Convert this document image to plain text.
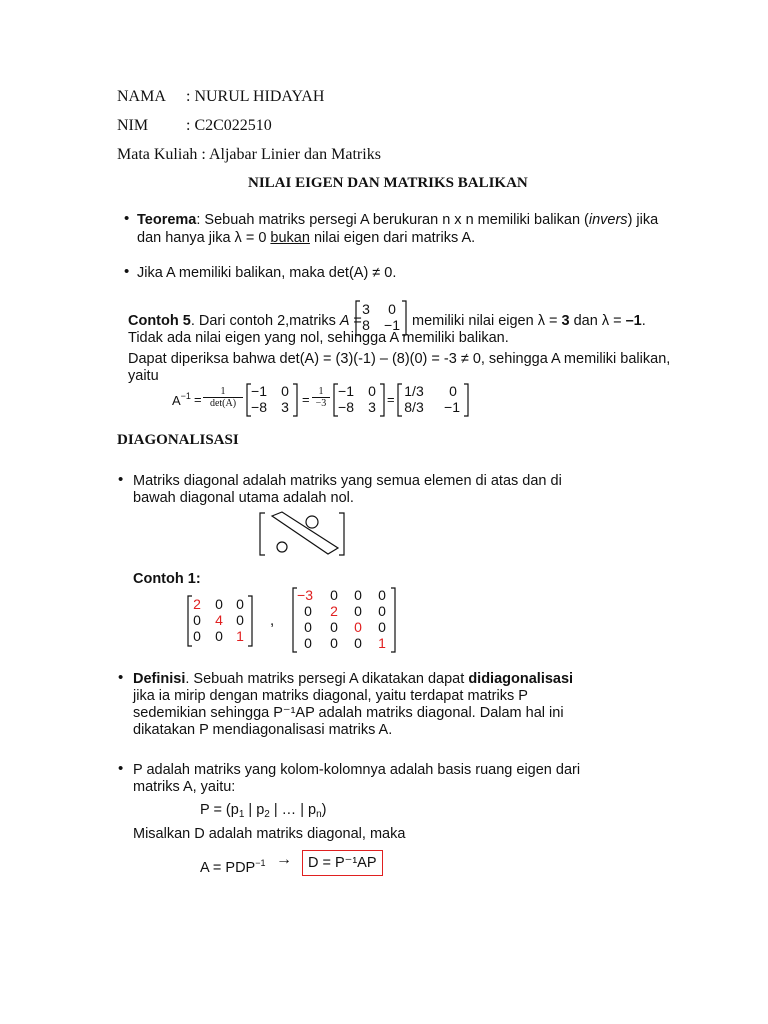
NAMA : NURUL HIDAYAH
NIM : C2C022510
Mata Kuliah : Aljabar Linier dan Matriks
NILAI EIGEN DAN MATRIKS BALIKAN
• Teorema: Sebuah matriks persegi A berukuran n x n memiliki balikan (invers) jika
dan hanya jika λ = 0 bukan nilai eigen dari matriks A.
• Jika A memiliki balikan, maka det(A) ≠ 0.
Contoh 5. Dari contoh 2,matriks A =
3 0
8 −1 memiliki nilai eigen λ = 3 dan λ = –1.
Tidak ada nilai eigen yang nol, sehingga A memiliki balikan.
Dapat diperiksa bahwa det(A) = (3)(-1) – (8)(0) = -3 ≠ 0, sehingga A memiliki balikan,
yaitu
$A^{-1}$ =
1
det(A)
−1 0
−8 $3 = \frac{1}{-3} -1$ 0
−8 3 =
1/3	0
8/3	−1
DIAGONALISASI
• Matriks diagonal adalah matriks yang semua elemen di atas dan di
bawah diagonal utama adalah nol.
Contoh 1:
2 0 0
0 4 0
0 0 1
,
−3 0 0 0
0 2 0 0
0 0 0 0
0 0 0 1
• Definisi. Sebuah matriks persegi A dikatakan dapat didiagonalisasi
jika ia mirip dengan matriks diagonal, yaitu terdapat matriks P
sedemikian sehingga P⁻¹AP adalah matriks diagonal. Dalam hal ini
dikatakan P mendiagonalisasi matriks A.
• P adalah matriks yang kolom-kolomnya adalah basis ruang eigen dari
matriks A, yaitu:
$P = (p_1$ | $p_2$ | … | $p_n$)
Misalkan D adalah matriks diagonal, maka
$A = PDP^{-1} \to D = P^{-1}AP$
